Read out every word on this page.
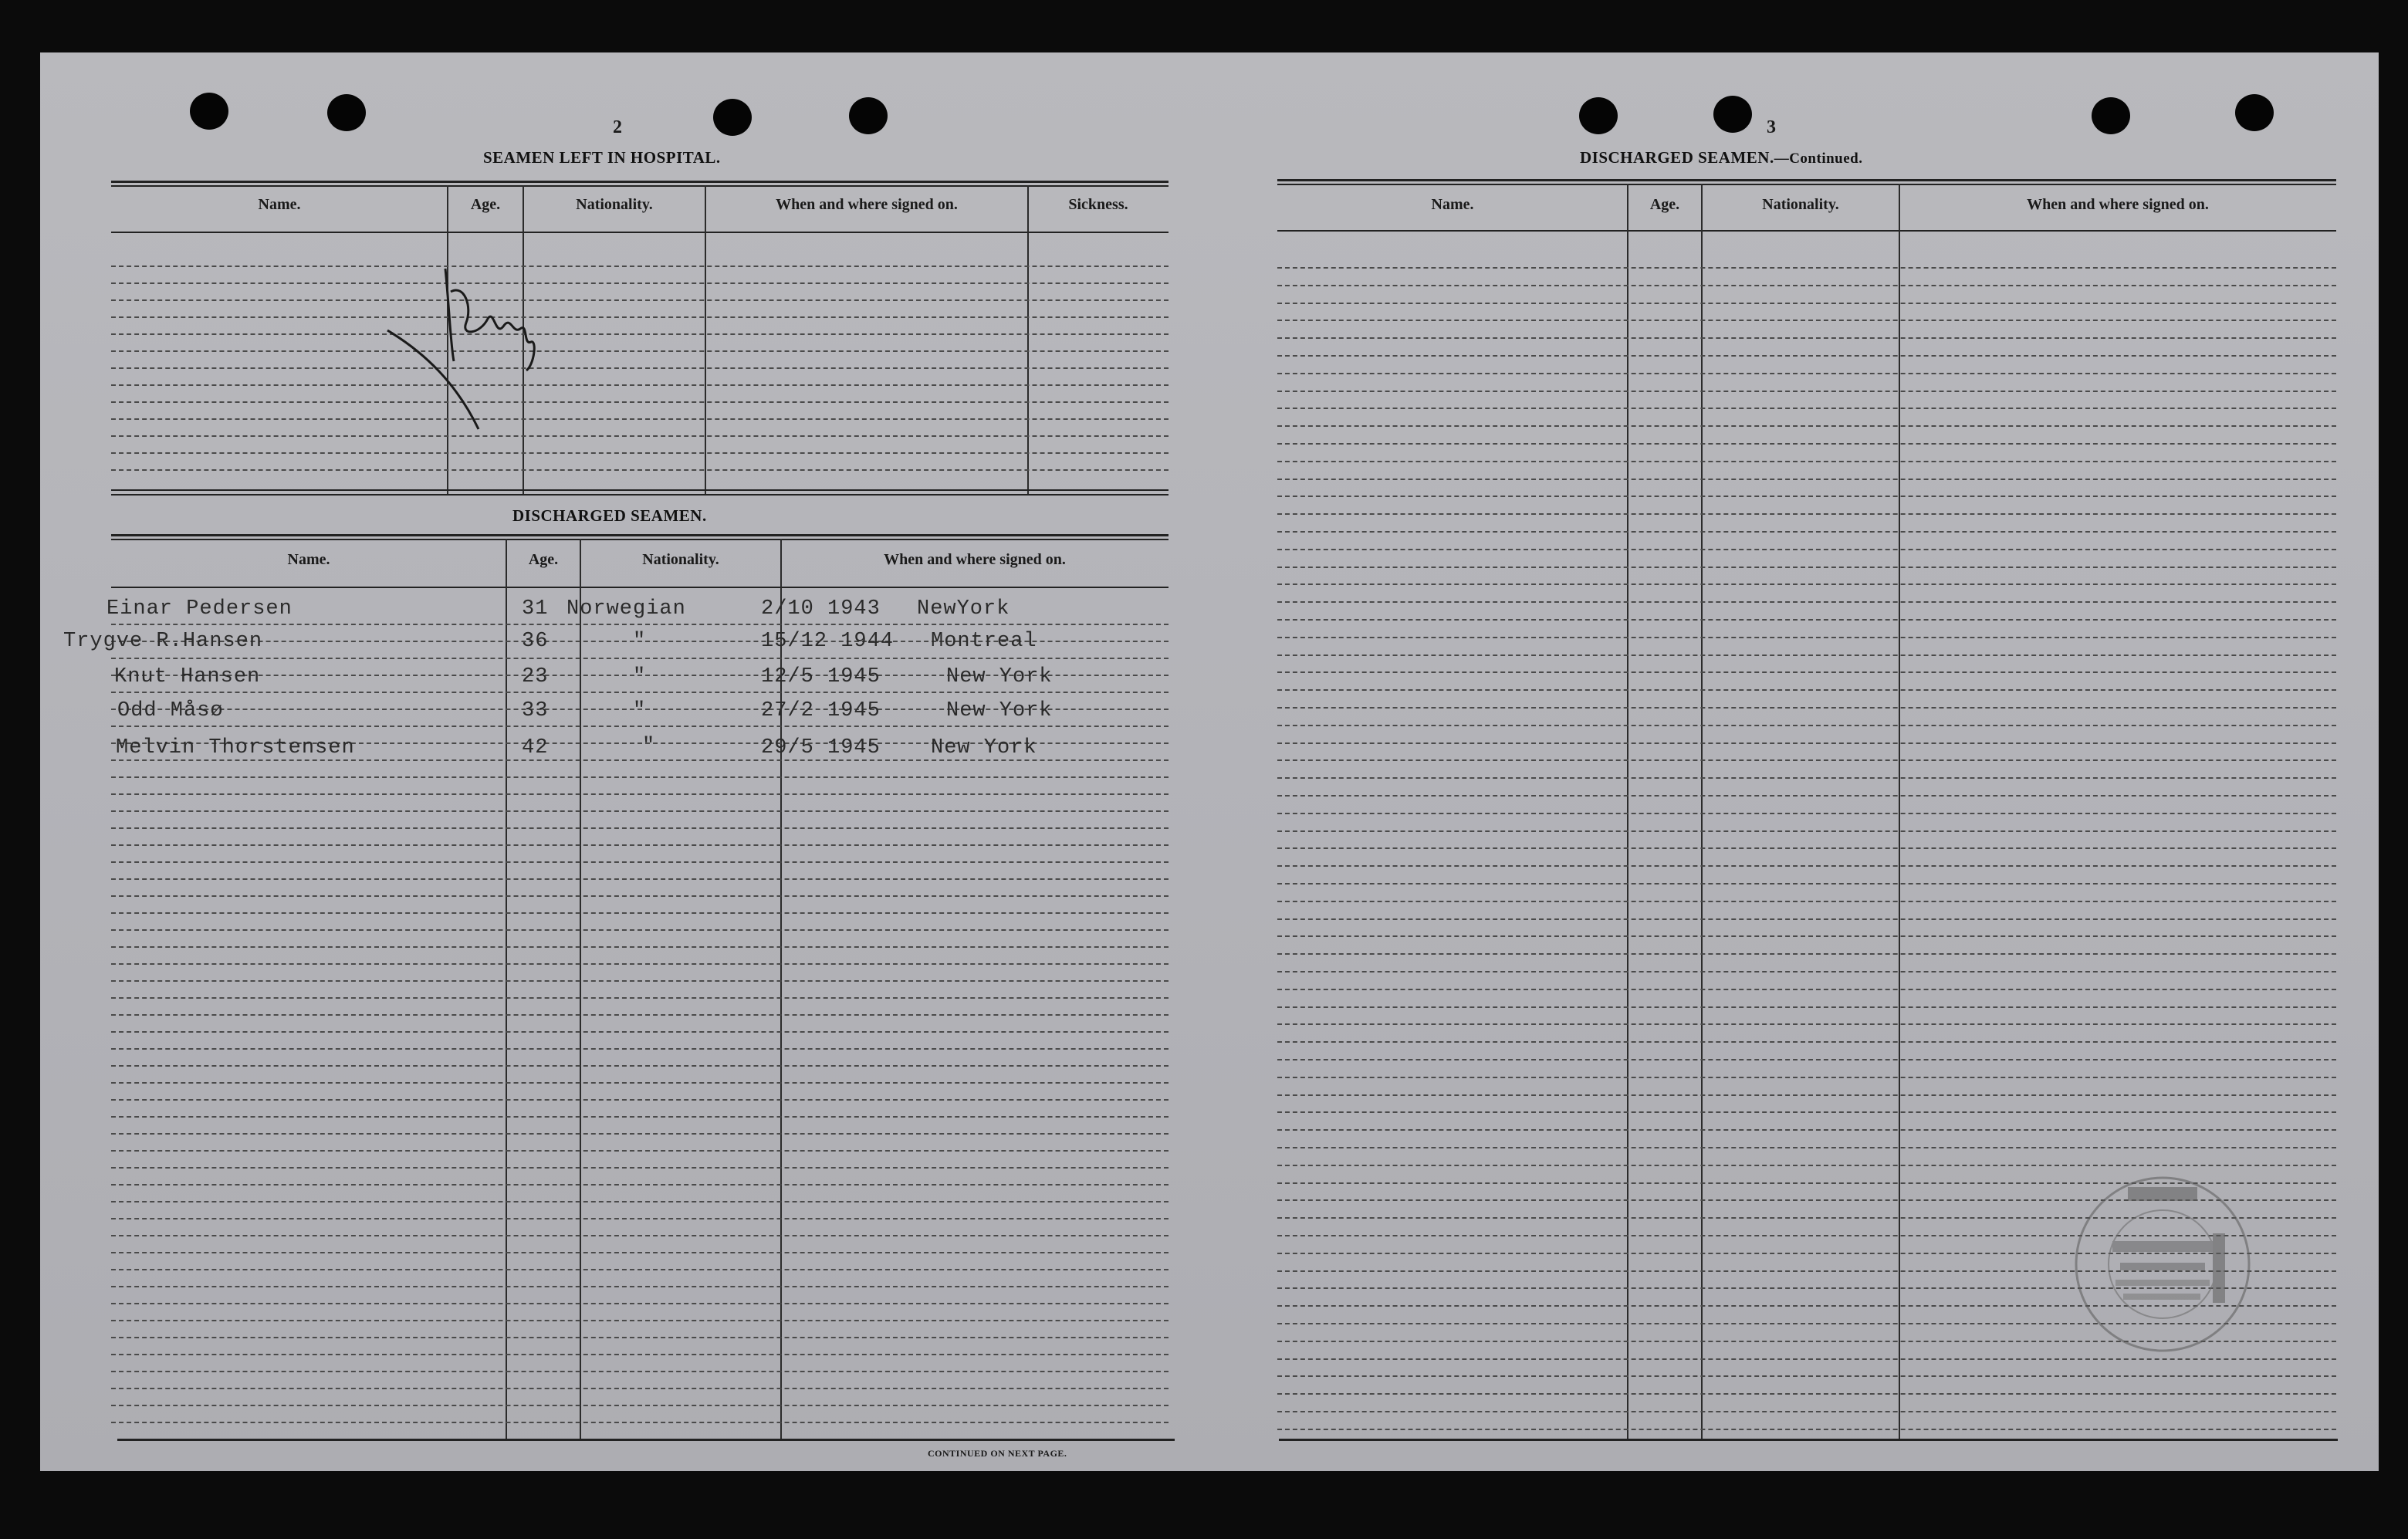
2
SEAMEN LEFT IN HOSPITAL.
Name.	Age.	Nationality.	When and where signed on.	Sickness.
DISCHARGED SEAMEN.
Name.	Age.	Nationality.	When and where signed on.
Einar Pedersen	31 Norwegian	2/10 1943 NewYork
Trygve R.Hansen	36	"	15/12 1944 Montreal
Knut Hansen	23	"	12/5 1945	New York
Odd Måsø	33	"	27/2 1945	New York
Melvin Thorstensen	42	"	29/5 1945 New York
CONTINUED ON NEXT PAGE.
3
DISCHARGED SEAMEN.—Continued.
Name.	Age.	Nationality.	When and where signed on.
